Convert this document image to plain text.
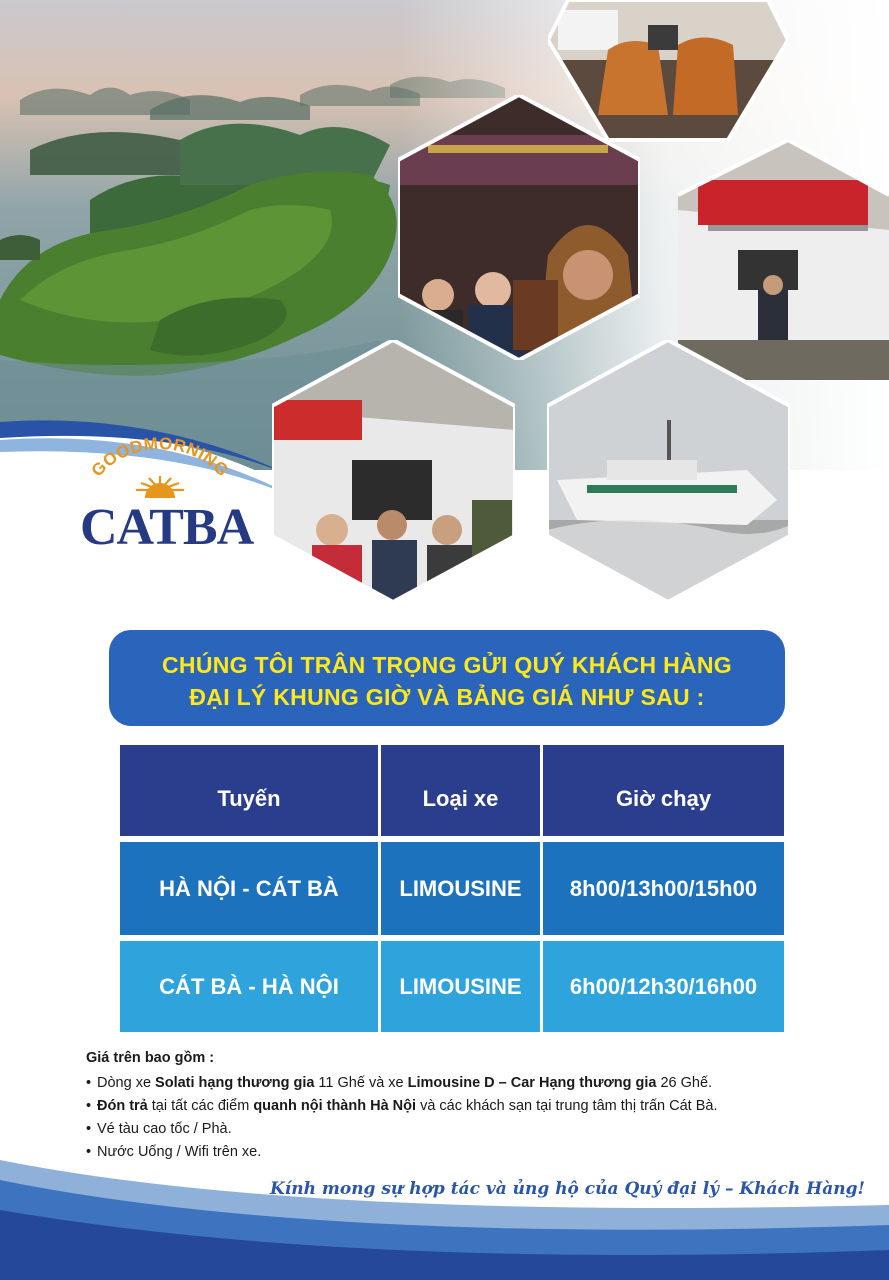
GOODMORNING
CATBA
CHÚNG TÔI TRÂN TRỌNG GỬI QUÝ KHÁCH HÀNG
ĐẠI LÝ KHUNG GIỜ VÀ BẢNG GIÁ NHƯ SAU :
Tuyến	Loại xe	Giờ chạy
HÀ NỘI - CÁT BÀ	LIMOUSINE	8h00/13h00/15h00
CÁT BÀ - HÀ NỘI	LIMOUSINE	6h00/12h30/16h00
Giá trên bao gồm :
• Dòng xe Solati hạng thương gia 11 Ghế và xe Limousine D – Car Hạng thương gia 26 Ghế.
• Đón trả tại tất các điểm quanh nội thành Hà Nội và các khách sạn tại trung tâm thị trấn Cát Bà.
• Vé tàu cao tốc / Phà.
• Nước Uống / Wifi trên xe.
Kính mong sự hợp tác và ủng hộ của Quý đại lý – Khách Hàng!
